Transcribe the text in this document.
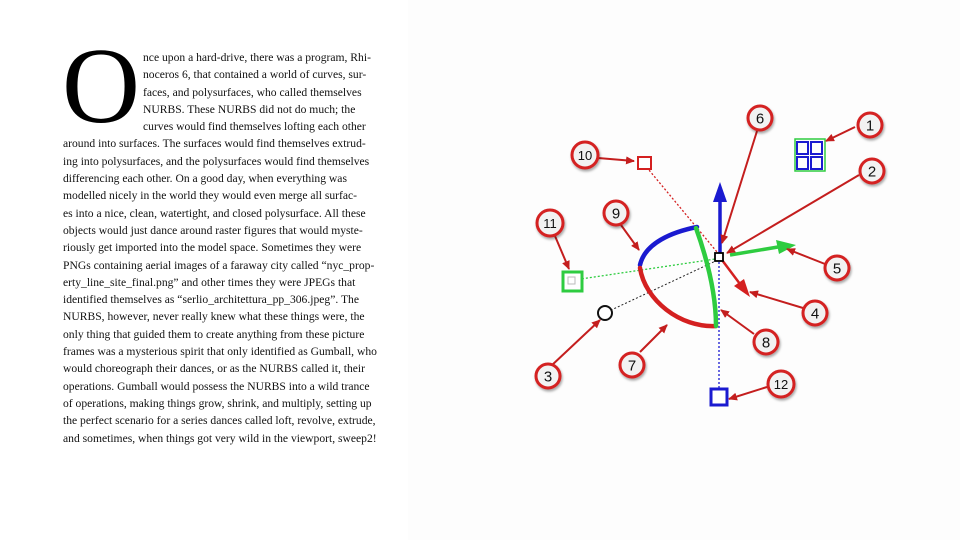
O nce upon a hard-drive, there was a program, Rhi-
noceros 6, that contained a world of curves, sur-
faces, and polysurfaces, who called themselves
NURBS. These NURBS did not do much; the
curves would find themselves lofting each other
around into surfaces. The surfaces would find themselves extrud-
ing into polysurfaces, and the polysurfaces would find themselves
differencing each other. On a good day, when everything was
modelled nicely in the world they would even merge all surfac-
es into a nice, clean, watertight, and closed polysurface. All these
objects would just dance around raster figures that would myste-
riously get imported into the model space. Sometimes they were
PNGs containing aerial images of a faraway city called “nyc_prop-
erty_line_site_final.png” and other times they were JPEGs that
identified themselves as “serlio_architettura_pp_306.jpeg”. The
NURBS, however, never really knew what these things were, the
only thing that guided them to create anything from these picture
frames was a mysterious spirit that only identified as Gumball, who
would choreograph their dances, or as the NURBS called it, their
operations. Gumball would possess the NURBS into a wild trance
of operations, making things grow, shrink, and multiply, setting up
the perfect scenario for a series dances called loft, revolve, extrude,
and sometimes, when things got very wild in the viewport, sweep2!
1
2
3
4
5
6
7
8
9
10
11
12
